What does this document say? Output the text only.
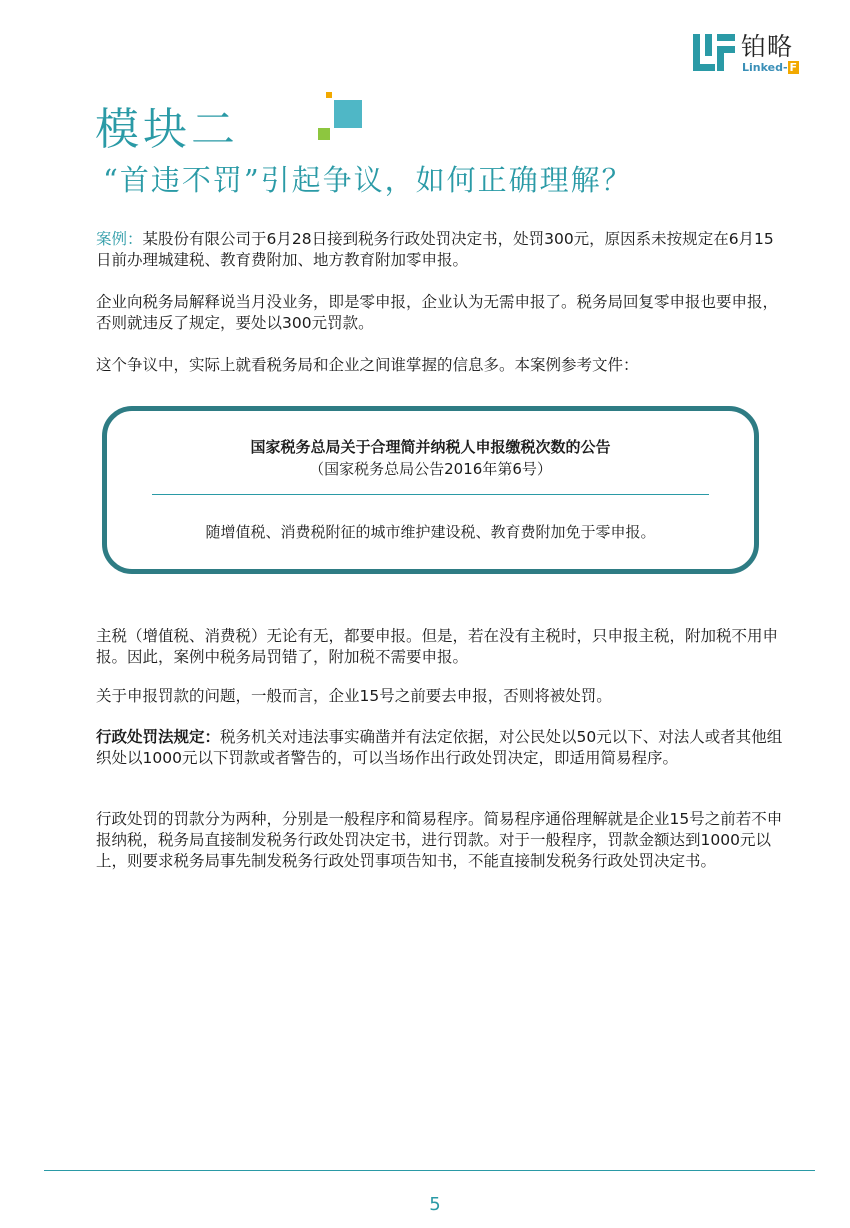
铂略
Linked- F
模块二
“首违不罚”引起争议，如何正确理解？
案例：某股份有限公司于6月28日接到税务行政处罚决定书，处罚300元，原因系未按规定在6月15日前办理城建税、教育费附加、地方教育附加零申报。
企业向税务局解释说当月没业务，即是零申报，企业认为无需申报了。税务局回复零申报也要申报，否则就违反了规定，要处以300元罚款。
这个争议中，实际上就看税务局和企业之间谁掌握的信息多。本案例参考文件：
国家税务总局关于合理简并纳税人申报缴税次数的公告
（国家税务总局公告2016年第6号）
随增值税、消费税附征的城市维护建设税、教育费附加免于零申报。
主税（增值税、消费税）无论有无，都要申报。但是，若在没有主税时，只申报主税，附加税不用申报。因此，案例中税务局罚错了，附加税不需要申报。
关于申报罚款的问题，一般而言，企业15号之前要去申报，否则将被处罚。
行政处罚法规定：税务机关对违法事实确凿并有法定依据，对公民处以50元以下、对法人或者其他组织处以1000元以下罚款或者警告的，可以当场作出行政处罚决定，即适用简易程序。
行政处罚的罚款分为两种，分别是一般程序和简易程序。简易程序通俗理解就是企业15号之前若不申报纳税，税务局直接制发税务行政处罚决定书，进行罚款。对于一般程序，罚款金额达到1000元以上，则要求税务局事先制发税务行政处罚事项告知书，不能直接制发税务行政处罚决定书。
5
